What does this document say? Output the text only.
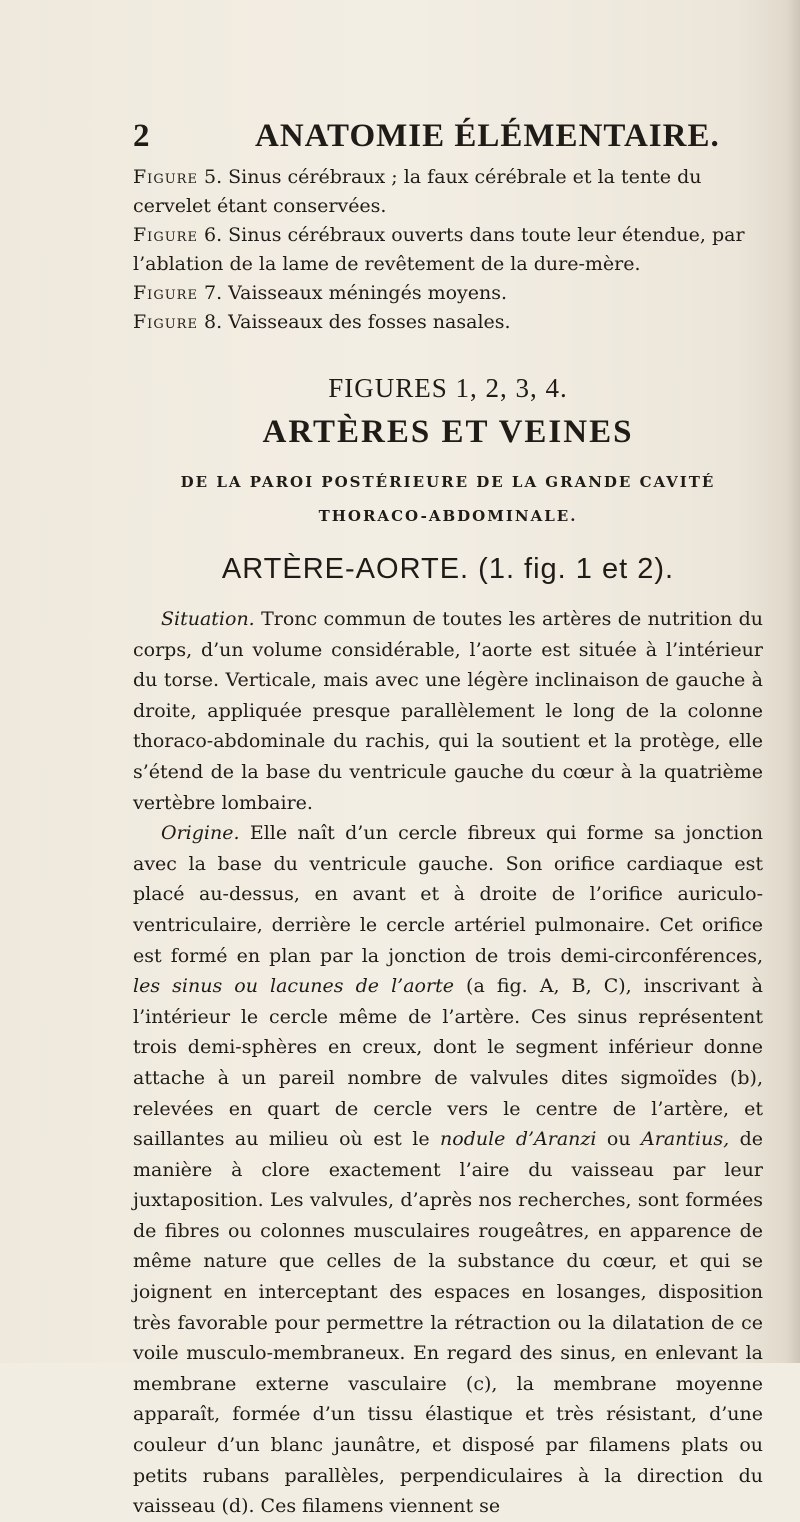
2	ANATOMIE ÉLÉMENTAIRE.

Figure 5. Sinus cérébraux ; la faux cérébrale et la tente du cervelet étant conservées.

Figure 6. Sinus cérébraux ouverts dans toute leur étendue, par l’ablation de la lame de revêtement de la dure-mère.

Figure 7. Vaisseaux méningés moyens.

Figure 8. Vaisseaux des fosses nasales.

FIGURES 1, 2, 3, 4.
ARTÈRES ET VEINES
DE LA PAROI POSTÉRIEURE DE LA GRANDE CAVITÉ THORACO-ABDOMINALE.
ARTÈRE-AORTE. (1. fig. 1 et 2).

Situation. Tronc commun de toutes les artères de nutrition du corps, d’un volume considérable, l’aorte est située à l’intérieur du torse. Verticale, mais avec une légère inclinaison de gauche à droite, appliquée presque parallèlement le long de la colonne thoraco-abdominale du rachis, qui la soutient et la protège, elle s’étend de la base du ventricule gauche du cœur à la quatrième vertèbre lombaire.

Origine. Elle naît d’un cercle fibreux qui forme sa jonction avec la base du ventricule gauche. Son orifice cardiaque est placé au-dessus, en avant et à droite de l’orifice auriculo-ventriculaire, derrière le cercle artériel pulmonaire. Cet orifice est formé en plan par la jonction de trois demi-circonférences, les sinus ou lacunes de l’aorte (a fig. A, B, C), inscrivant à l’intérieur le cercle même de l’artère. Ces sinus représentent trois demi-sphères en creux, dont le segment inférieur donne attache à un pareil nombre de valvules dites sigmoïdes (b), relevées en quart de cercle vers le centre de l’artère, et saillantes au milieu où est le nodule d’Aranzi ou Arantius, de manière à clore exactement l’aire du vaisseau par leur juxtaposition. Les valvules, d’après nos recherches, sont formées de fibres ou colonnes musculaires rougeâtres, en apparence de même nature que celles de la substance du cœur, et qui se joignent en interceptant des espaces en losanges, disposition très favorable pour permettre la rétraction ou la dilatation de ce voile musculo-membraneux. En regard des sinus, en enlevant la membrane externe vasculaire (c), la membrane moyenne apparaît, formée d’un tissu élastique et très résistant, d’une couleur d’un blanc jaunâtre, et disposé par filamens plats ou petits rubans parallèles, perpendiculaires à la direction du vaisseau (d). Ces filamens viennent se
